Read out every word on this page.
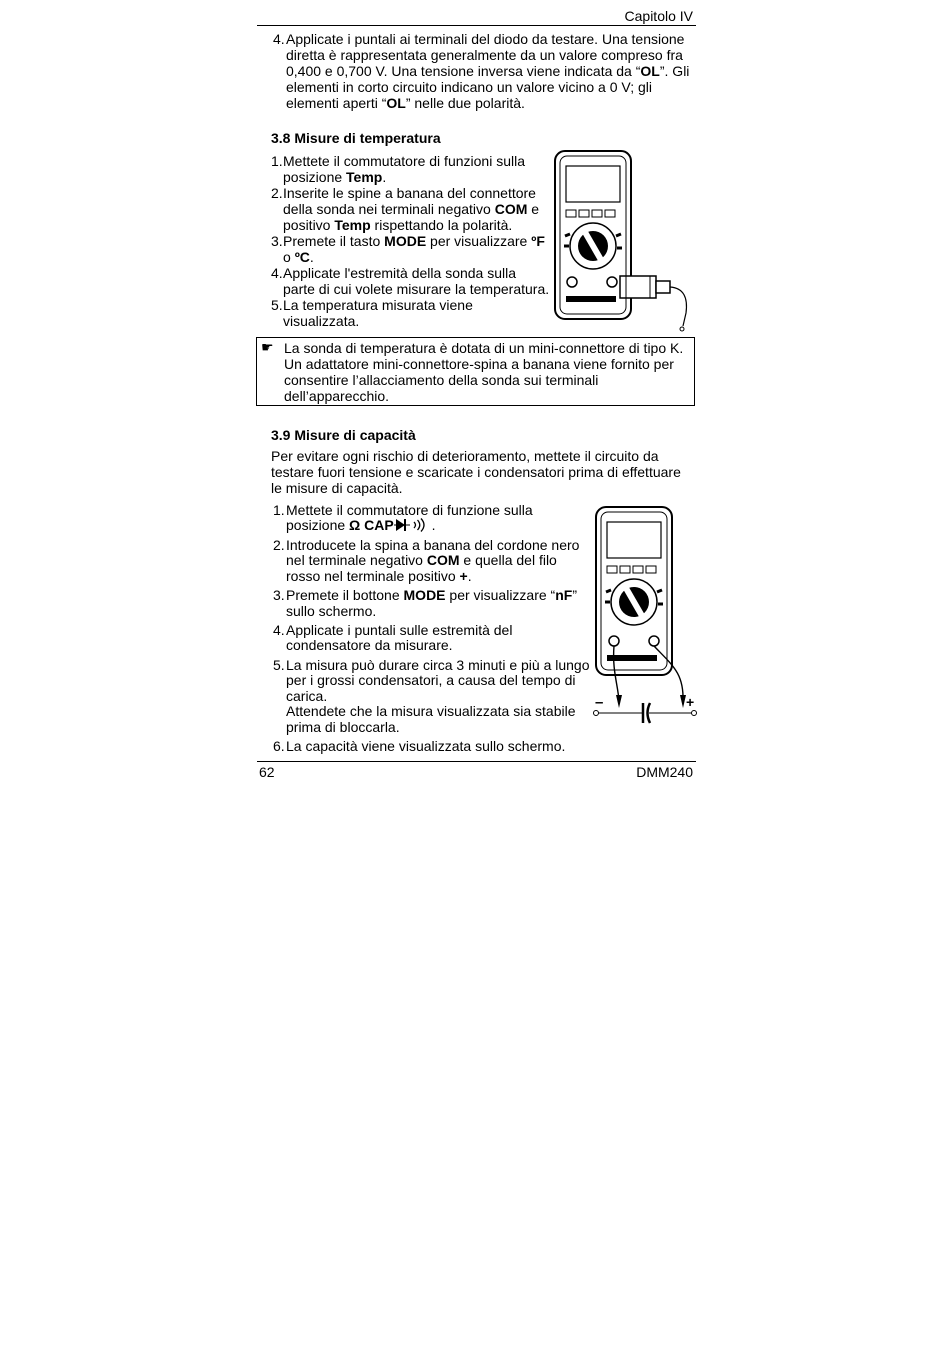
Capitolo IV
4. Applicate i puntali ai terminali del diodo da testare. Una tensione
diretta è rappresentata generalmente da un valore compreso fra
0,400 e 0,700 V. Una tensione inversa viene indicata da “OL”. Gli
elementi in corto circuito indicano un valore vicino a 0 V; gli
elementi aperti “OL” nelle due polarità.
3.8 Misure di temperatura
1. Mettete il commutatore di funzioni sulla
posizione Temp.
2. Inserite le spine a banana del connettore
della sonda nei terminali negativo COM e
positivo Temp rispettando la polarità.
3. Premete il tasto MODE per visualizzare ºF
o ºC.
4. Applicate l'estremità della sonda sulla
parte di cui volete misurare la temperatura.
5. La temperatura misurata viene
visualizzata.
☛ La sonda di temperatura è dotata di un mini-connettore di tipo K.
Un adattatore mini-connettore-spina a banana viene fornito per
consentire l’allacciamento della sonda sui terminali
dell’apparecchio.
3.9 Misure di capacità
Per evitare ogni rischio di deterioramento, mettete il circuito da
testare fuori tensione e scaricate i condensatori prima di effettuare
le misure di capacità.
1. Mettete il commutatore di funzione sulla
posizione Ω CAP	.
2. Introducete la spina a banana del cordone nero
nel terminale negativo COM e quella del filo
rosso nel terminale positivo +.
3. Premete il bottone MODE per visualizzare “nF”
sullo schermo.
4. Applicate i puntali sulle estremità del
condensatore da misurare.
5. La misura può durare circa 3 minuti e più a lungo
per i grossi condensatori, a causa del tempo di
carica.
Attendete che la misura visualizzata sia stabile
prima di bloccarla.
6. La capacità viene visualizzata sullo schermo.
–	+
62	DMM240
